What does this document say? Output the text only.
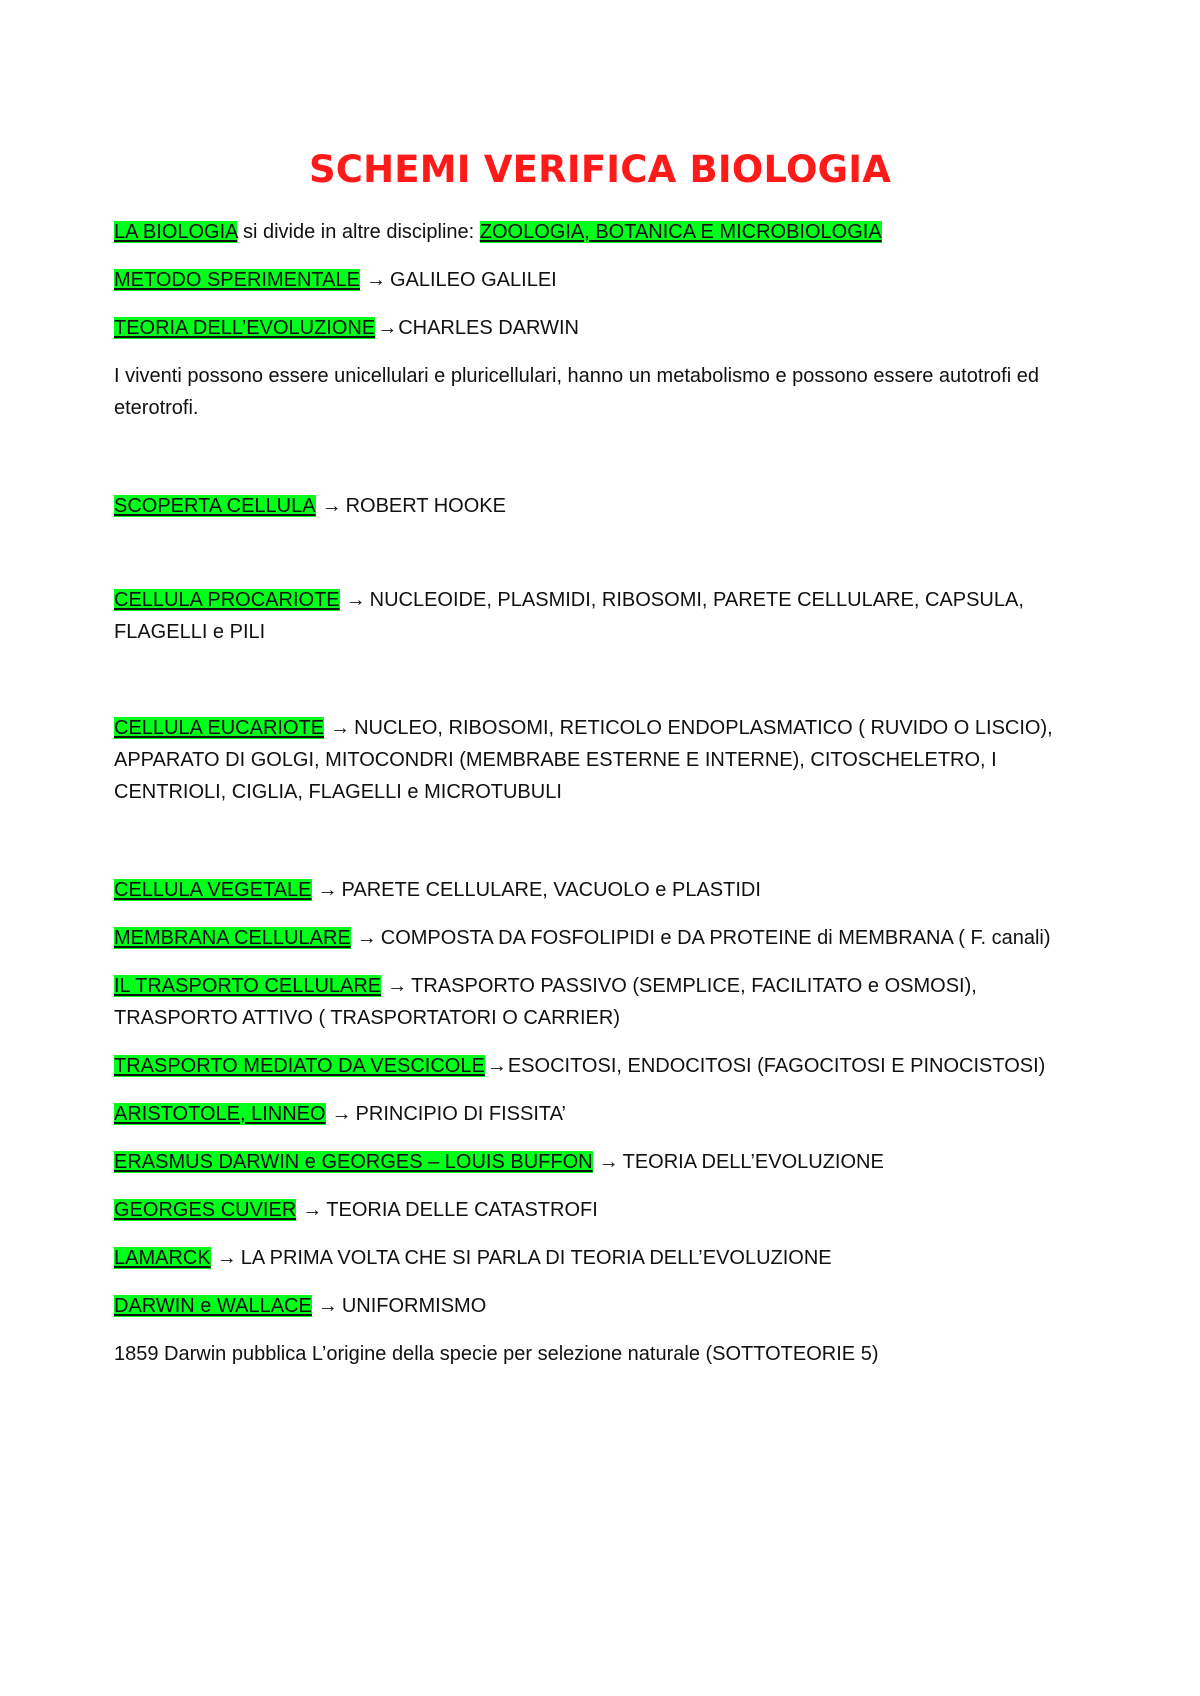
SCHEMI VERIFICA BIOLOGIA
LA BIOLOGIA si divide in altre discipline: ZOOLOGIA, BOTANICA E MICROBIOLOGIA
METODO SPERIMENTALE → GALILEO GALILEI
TEORIA DELL’EVOLUZIONE →CHARLES DARWIN
I viventi possono essere unicellulari e pluricellulari, hanno un metabolismo e possono essere autotrofi ed eterotrofi.
SCOPERTA CELLULA → ROBERT HOOKE
CELLULA PROCARIOTE → NUCLEOIDE, PLASMIDI, RIBOSOMI, PARETE CELLULARE, CAPSULA, FLAGELLI e PILI
CELLULA EUCARIOTE → NUCLEO, RIBOSOMI, RETICOLO ENDOPLASMATICO ( RUVIDO O LISCIO), APPARATO DI GOLGI, MITOCONDRI (MEMBRABE ESTERNE E INTERNE), CITOSCHELETRO, I CENTRIOLI, CIGLIA, FLAGELLI e MICROTUBULI
CELLULA VEGETALE → PARETE CELLULARE, VACUOLO e PLASTIDI
MEMBRANA CELLULARE → COMPOSTA DA FOSFOLIPIDI e DA PROTEINE di MEMBRANA ( F. canali)
IL TRASPORTO CELLULARE → TRASPORTO PASSIVO (SEMPLICE, FACILITATO e OSMOSI), TRASPORTO ATTIVO ( TRASPORTATORI O CARRIER)
TRASPORTO MEDIATO DA VESCICOLE →ESOCITOSI, ENDOCITOSI (FAGOCITOSI E PINOCISTOSI)
ARISTOTOLE, LINNEO → PRINCIPIO DI FISSITA’
ERASMUS DARWIN e GEORGES – LOUIS BUFFON → TEORIA DELL’EVOLUZIONE
GEORGES CUVIER → TEORIA DELLE CATASTROFI
LAMARCK → LA PRIMA VOLTA CHE SI PARLA DI TEORIA DELL’EVOLUZIONE
DARWIN e WALLACE → UNIFORMISMO
1859 Darwin pubblica L’origine della specie per selezione naturale (SOTTOTEORIE 5)
